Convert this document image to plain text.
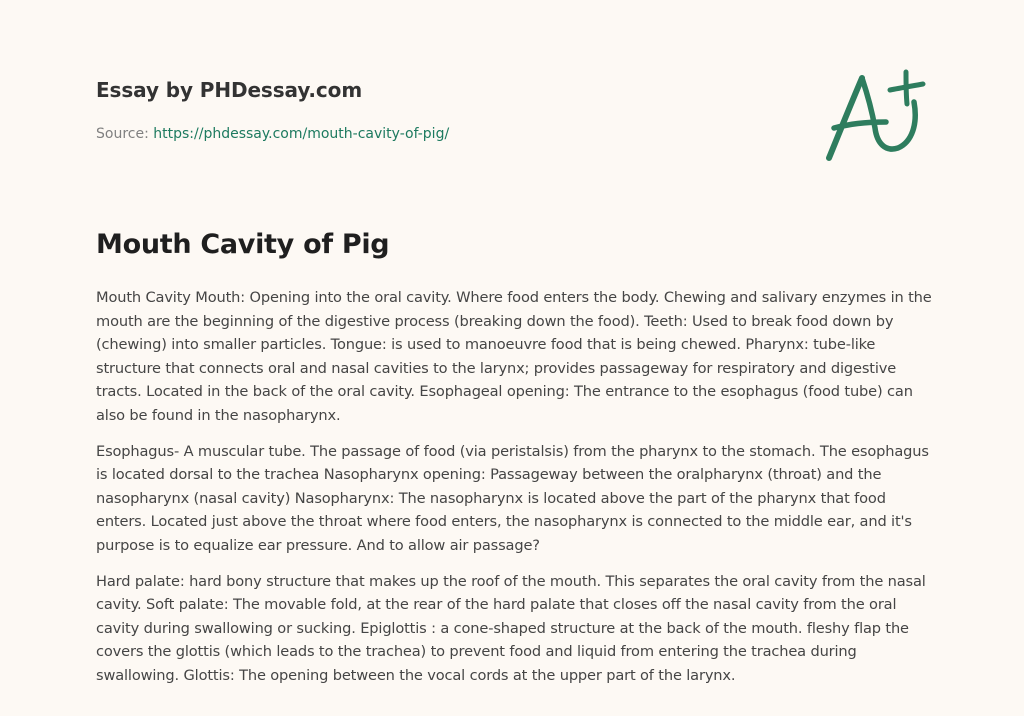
Essay by PHDessay.com
Source: https://phdessay.com/mouth-cavity-of-pig/
Mouth Cavity of Pig

Mouth Cavity Mouth: Opening into the oral cavity. Where food enters the body. Chewing and salivary enzymes in the mouth are the beginning of the digestive process (breaking down the food). Teeth: Used to break food down by (chewing) into smaller particles. Tongue: is used to manoeuvre food that is being chewed. Pharynx: tube-like structure that connects oral and nasal cavities to the larynx; provides passageway for respiratory and digestive tracts. Located in the back of the oral cavity. Esophageal opening: The entrance to the esophagus (food tube) can also be found in the nasopharynx.

Esophagus- A muscular tube. The passage of food (via peristalsis) from the pharynx to the stomach. The esophagus is located dorsal to the trachea Nasopharynx opening: Passageway between the oralpharynx (throat) and the nasopharynx (nasal cavity) Nasopharynx: The nasopharynx is located above the part of the pharynx that food enters. Located just above the throat where food enters, the nasopharynx is connected to the middle ear, and it's purpose is to equalize ear pressure. And to allow air passage?

Hard palate: hard bony structure that makes up the roof of the mouth. This separates the oral cavity from the nasal cavity. Soft palate: The movable fold, at the rear of the hard palate that closes off the nasal cavity from the oral cavity during swallowing or sucking. Epiglottis : a cone-shaped structure at the back of the mouth. fleshy flap the covers the glottis (which leads to the trachea) to prevent food and liquid from entering the trachea during swallowing. Glottis: The opening between the vocal cords at the upper part of the larynx.
